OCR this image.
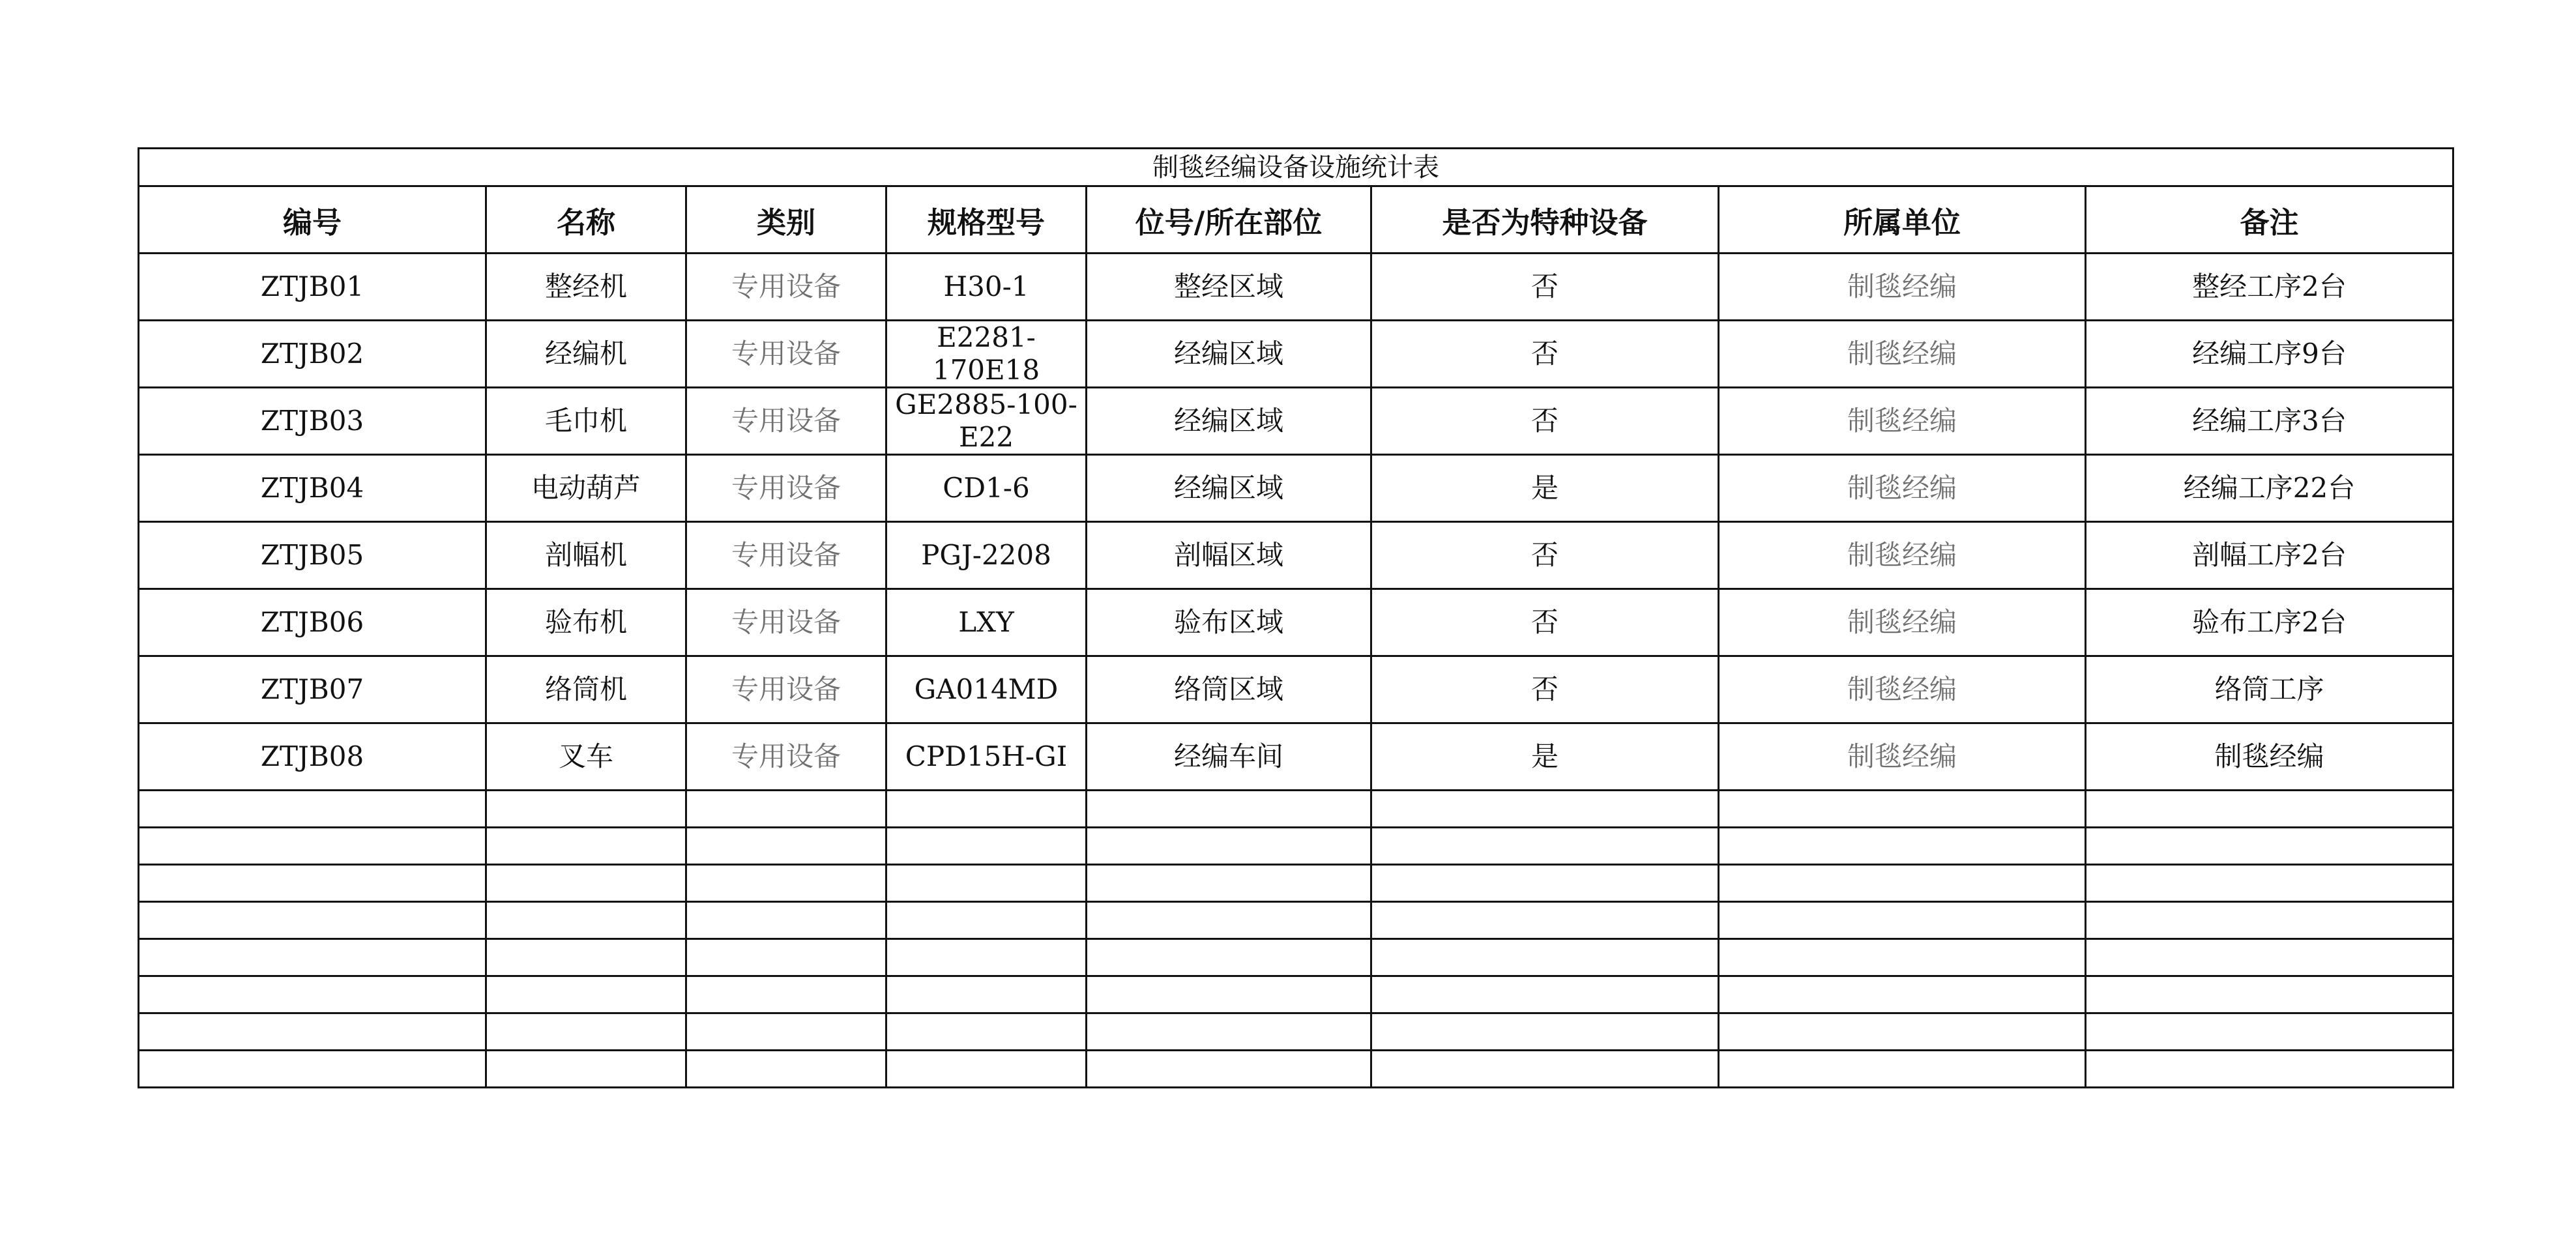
制毯经编设备设施统计表							
编号	名称	类别	规格型号	位号/所在部位	是否为特种设备	所属单位	备注
ZTJB01	整经机	专用设备	H30-1	整经区域	否	制毯经编	整经工序2台
ZTJB02	经编机	专用设备	E2281-170E18	经编区域	否	制毯经编	经编工序9台
ZTJB03	毛巾机	专用设备	GE2885-100-E22	经编区域	否	制毯经编	经编工序3台
ZTJB04	电动葫芦	专用设备	CD1-6	经编区域	是	制毯经编	经编工序22台
ZTJB05	剖幅机	专用设备	PGJ-2208	剖幅区域	否	制毯经编	剖幅工序2台
ZTJB06	验布机	专用设备	LXY	验布区域	否	制毯经编	验布工序2台
ZTJB07	络筒机	专用设备	GA014MD	络筒区域	否	制毯经编	络筒工序
ZTJB08	叉车	专用设备	CPD15H-GI	经编车间	是	制毯经编	制毯经编
